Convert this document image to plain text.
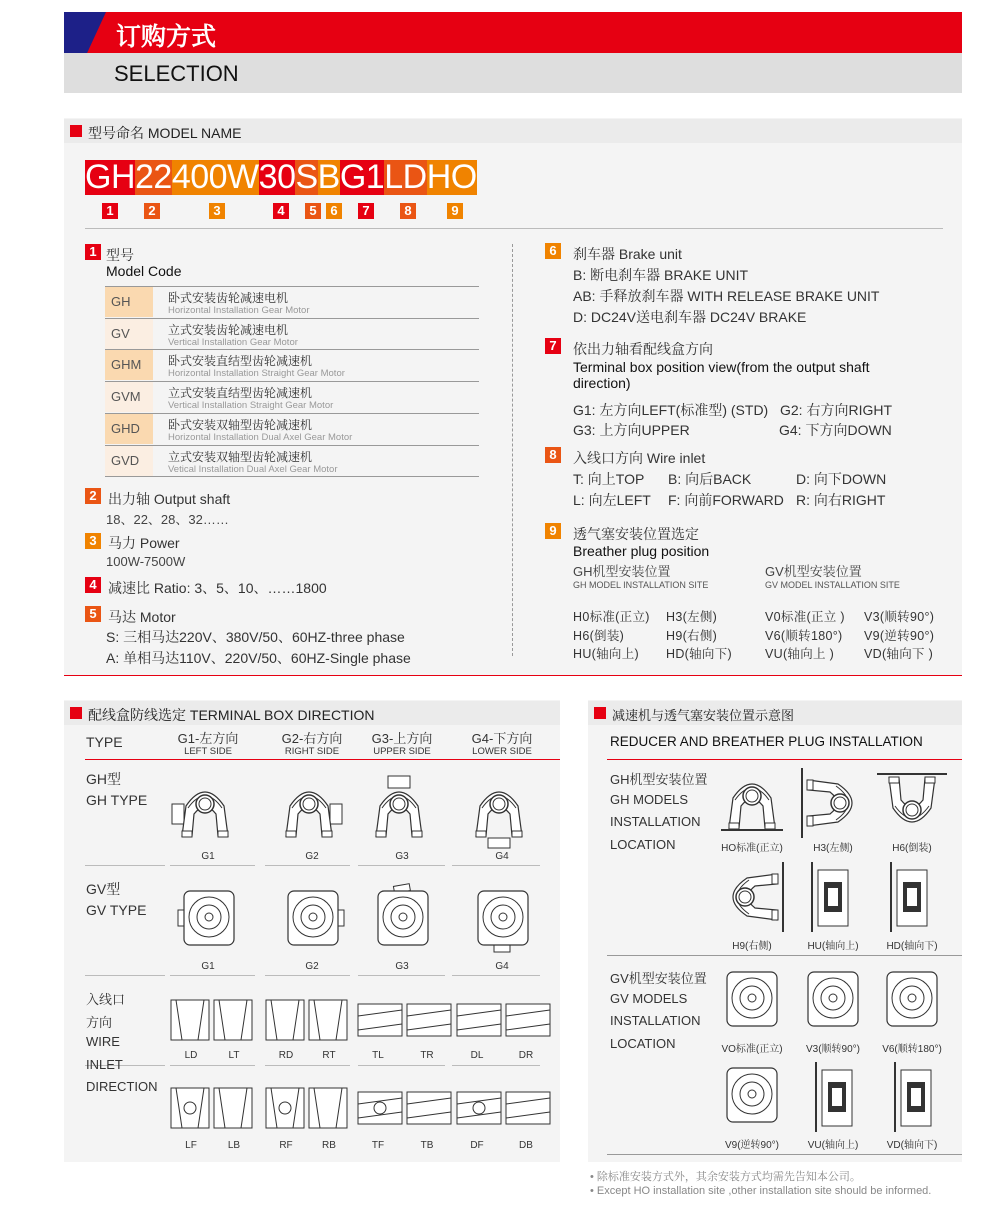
订购方式
SELECTION
型号命名 MODEL NAME
GH 22 400W 30 S B G1 LD HO
1 型号
Model Code
2 出力轴 Output shaft
18、22、28、32……
3 马力 Power
100W-7500W
4 减速比 Ratio: 3、5、10、……1800
5 马达 Motor
S: 三相马达220V、380V/50、60HZ-three phase
A: 单相马达110V、220V/50、60HZ-Single phase
6	刹车器 Brake unit
B: 断电刹车器 BRAKE UNIT
AB: 手释放刹车器 WITH RELEASE BRAKE UNIT
D: DC24V送电刹车器 DC24V BRAKE
7	依出力轴看配线盒方向
Terminal box position view(from the output shaft
direction)
G1: 左方向LEFT(标准型) (STD) G2: 右方向RIGHT
G3: 上方向UPPER	G4: 下方向DOWN
8	入线口方向 Wire inlet
9	透气塞安装位置选定
Breather plug position
GH机型安装位置
GH MODEL INSTALLATION SITE
GV机型安装位置
GV MODEL INSTALLATION SITE
配线盒防线选定 TERMINAL BOX DIRECTION
TYPE
减速机与透气塞安装位置示意图
REDUCER AND BREATHER PLUG INSTALLATION
• 除标准安装方式外，其余安装方式均需先告知本公司。
• Except HO installation site ,other installation site should be informed.
1	2	3	4	5	6	7	8	9
GH	卧式安装齿轮减速电机
Horizontal Installation Gear Motor
GV	立式安装齿轮减速电机
Vertical Installation Gear Motor
GHM	卧式安装直结型齿轮减速机
Horizontal Installation Straight Gear Motor
GVM	立式安装直结型齿轮减速机
Vertical Installation Straight Gear Motor
GHD	卧式安装双轴型齿轮减速机
Horizontal Installation Dual Axel Gear Motor
GVD	立式安装双轴型齿轮减速机
Vetical Installation Dual Axel Gear Motor
T: 向上TOP B: 向后BACK	D: 向下DOWN
L: 向左LEFT F: 向前FORWARD R: 向右RIGHT
H0标准(正立) H3(左侧)	V0标准(正立 ) V3(顺转90°)
H6(倒装)	H9(右侧)	V6(顺转180°) V9(逆转90°)
HU(轴向上) HD(轴向下)	VU(轴向上 ) VD(轴向下 )
G1-左方向
LEFT SIDE
G2-右方向
RIGHT SIDE
G3-上方向
UPPER SIDE
G4-下方向
LOWER SIDE
GH型
GH TYPE
G1	G2	G3	G4
GV型
GV TYPE
G1	G2	G3	G4
入线口
方向
WIRE
INLET
DIRECTION
LD	LT	RD	RT	TL	TR	DL	DR
LF	LB	RF	RB	TF	TB	DF	DB
GH机型安装位置
GH MODELS
INSTALLATION
LOCATION	HO标准(正立)	H3(左侧)	H6(倒装)
H9(右侧)	HU(轴向上)	HD(轴向下)
GV机型安装位置
GV MODELS
INSTALLATION
LOCATION	VO标准(正立)	V3(顺转90°)	V6(顺转180°)
V9(逆转90°)	VU(轴向上)	VD(轴向下)
